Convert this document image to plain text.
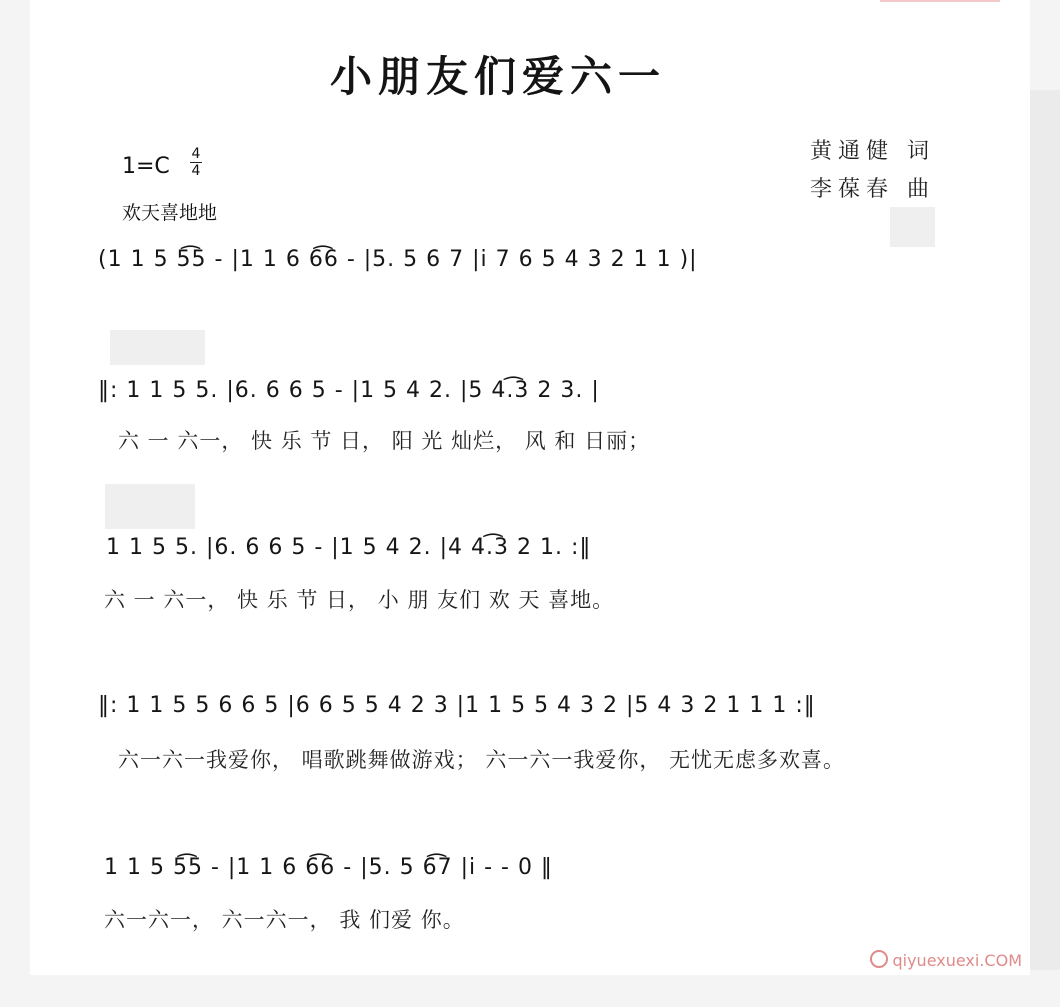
小朋友们爱六一
黄通健 词
李葆春 曲
1=C 4
4
欢天喜地地
(1 1 5 5͡5 - |1 1 6 6͡6 - |5. 5 6 7 |i 7 6 5 4 3 2 1 1 )|
‖: 1 1 5 5. |6. 6 6 5 - |1 5 4 2. |5 4.͡3 2 3. |
六 一 六一， 快 乐 节 日， 阳 光 灿烂， 风 和 日丽；
1 1 5 5. |6. 6 6 5 - |1 5 4 2. |4 4.͡3 2 1. :‖
六 一 六一， 快 乐 节 日， 小 朋 友们 欢 天 喜地。
‖: 1 1 5 5 6 6 5 |6 6 5 5 4 2 3 |1 1 5 5 4 3 2 |5 4 3 2 1 1 1 :‖
六一六一我爱你， 唱歌跳舞做游戏； 六一六一我爱你， 无忧无虑多欢喜。
1 1 5 5͡5 - |1 1 6 6͡6 - |5. 5 6͡7 |i - - 0 ‖
六一六一， 六一六一， 我 们爱 你。
qiyuexuexi.COM
